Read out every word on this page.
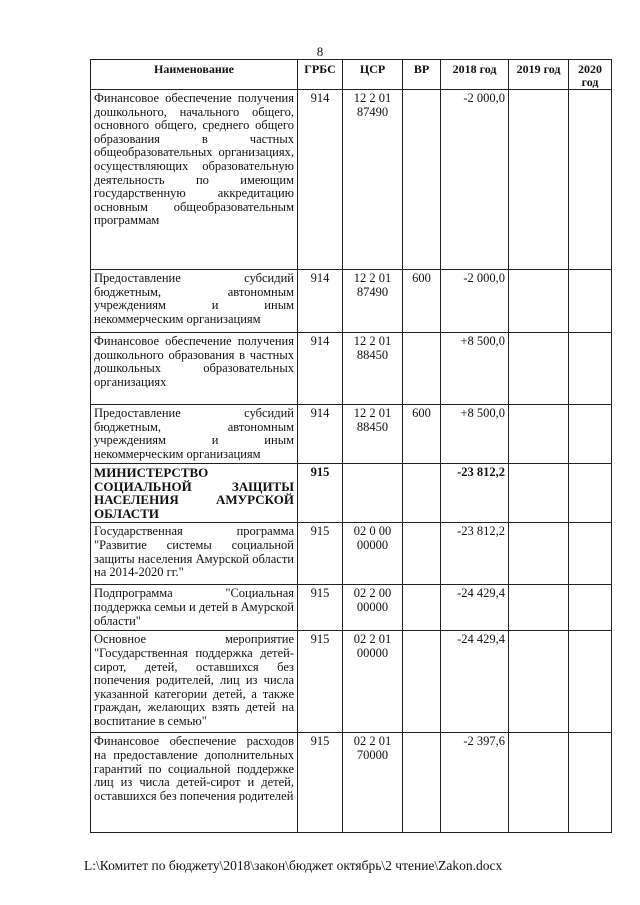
8
Наименование	ГРБС	ЦСР	ВР	2018 год	2019 год	2020 год
Финансовое обеспечение получения дошкольного, начального общего, основного общего, среднего общего образования в частных общеобразовательных организациях, осуществляющих образовательную деятельность по имеющим государственную аккредитацию основным общеобразовательным программам	914	12 2 01 87490		-2 000,0		
Предоставление субсидий бюджетным, автономным учреждениям и иным некоммерческим организациям	914	12 2 01 87490	600	-2 000,0		
Финансовое обеспечение получения дошкольного образования в частных дошкольных образовательных организациях	914	12 2 01 88450		+8 500,0		
Предоставление субсидий бюджетным, автономным учреждениям и иным некоммерческим организациям	914	12 2 01 88450	600	+8 500,0		
МИНИСТЕРСТВО СОЦИАЛЬНОЙ ЗАЩИТЫ НАСЕЛЕНИЯ АМУРСКОЙ ОБЛАСТИ	915			-23 812,2		
Государственная программа "Развитие системы социальной защиты населения Амурской области на 2014-2020 гг."	915	02 0 00 00000		-23 812,2		
Подпрограмма "Социальная поддержка семьи и детей в Амурской области"	915	02 2 00 00000		-24 429,4		
Основное мероприятие "Государственная поддержка детей-сирот, детей, оставшихся без попечения родителей, лиц из числа указанной категории детей, а также граждан, желающих взять детей на воспитание в семью"	915	02 2 01 00000		-24 429,4		
Финансовое обеспечение расходов на предоставление дополнительных гарантий по социальной поддержке лиц из числа детей-сирот и детей, оставшихся без попечения родителей	915	02 2 01 70000		-2 397,6		
L:\Комитет по бюджету\2018\закон\бюджет октябрь\2 чтение\Zakon.docx
